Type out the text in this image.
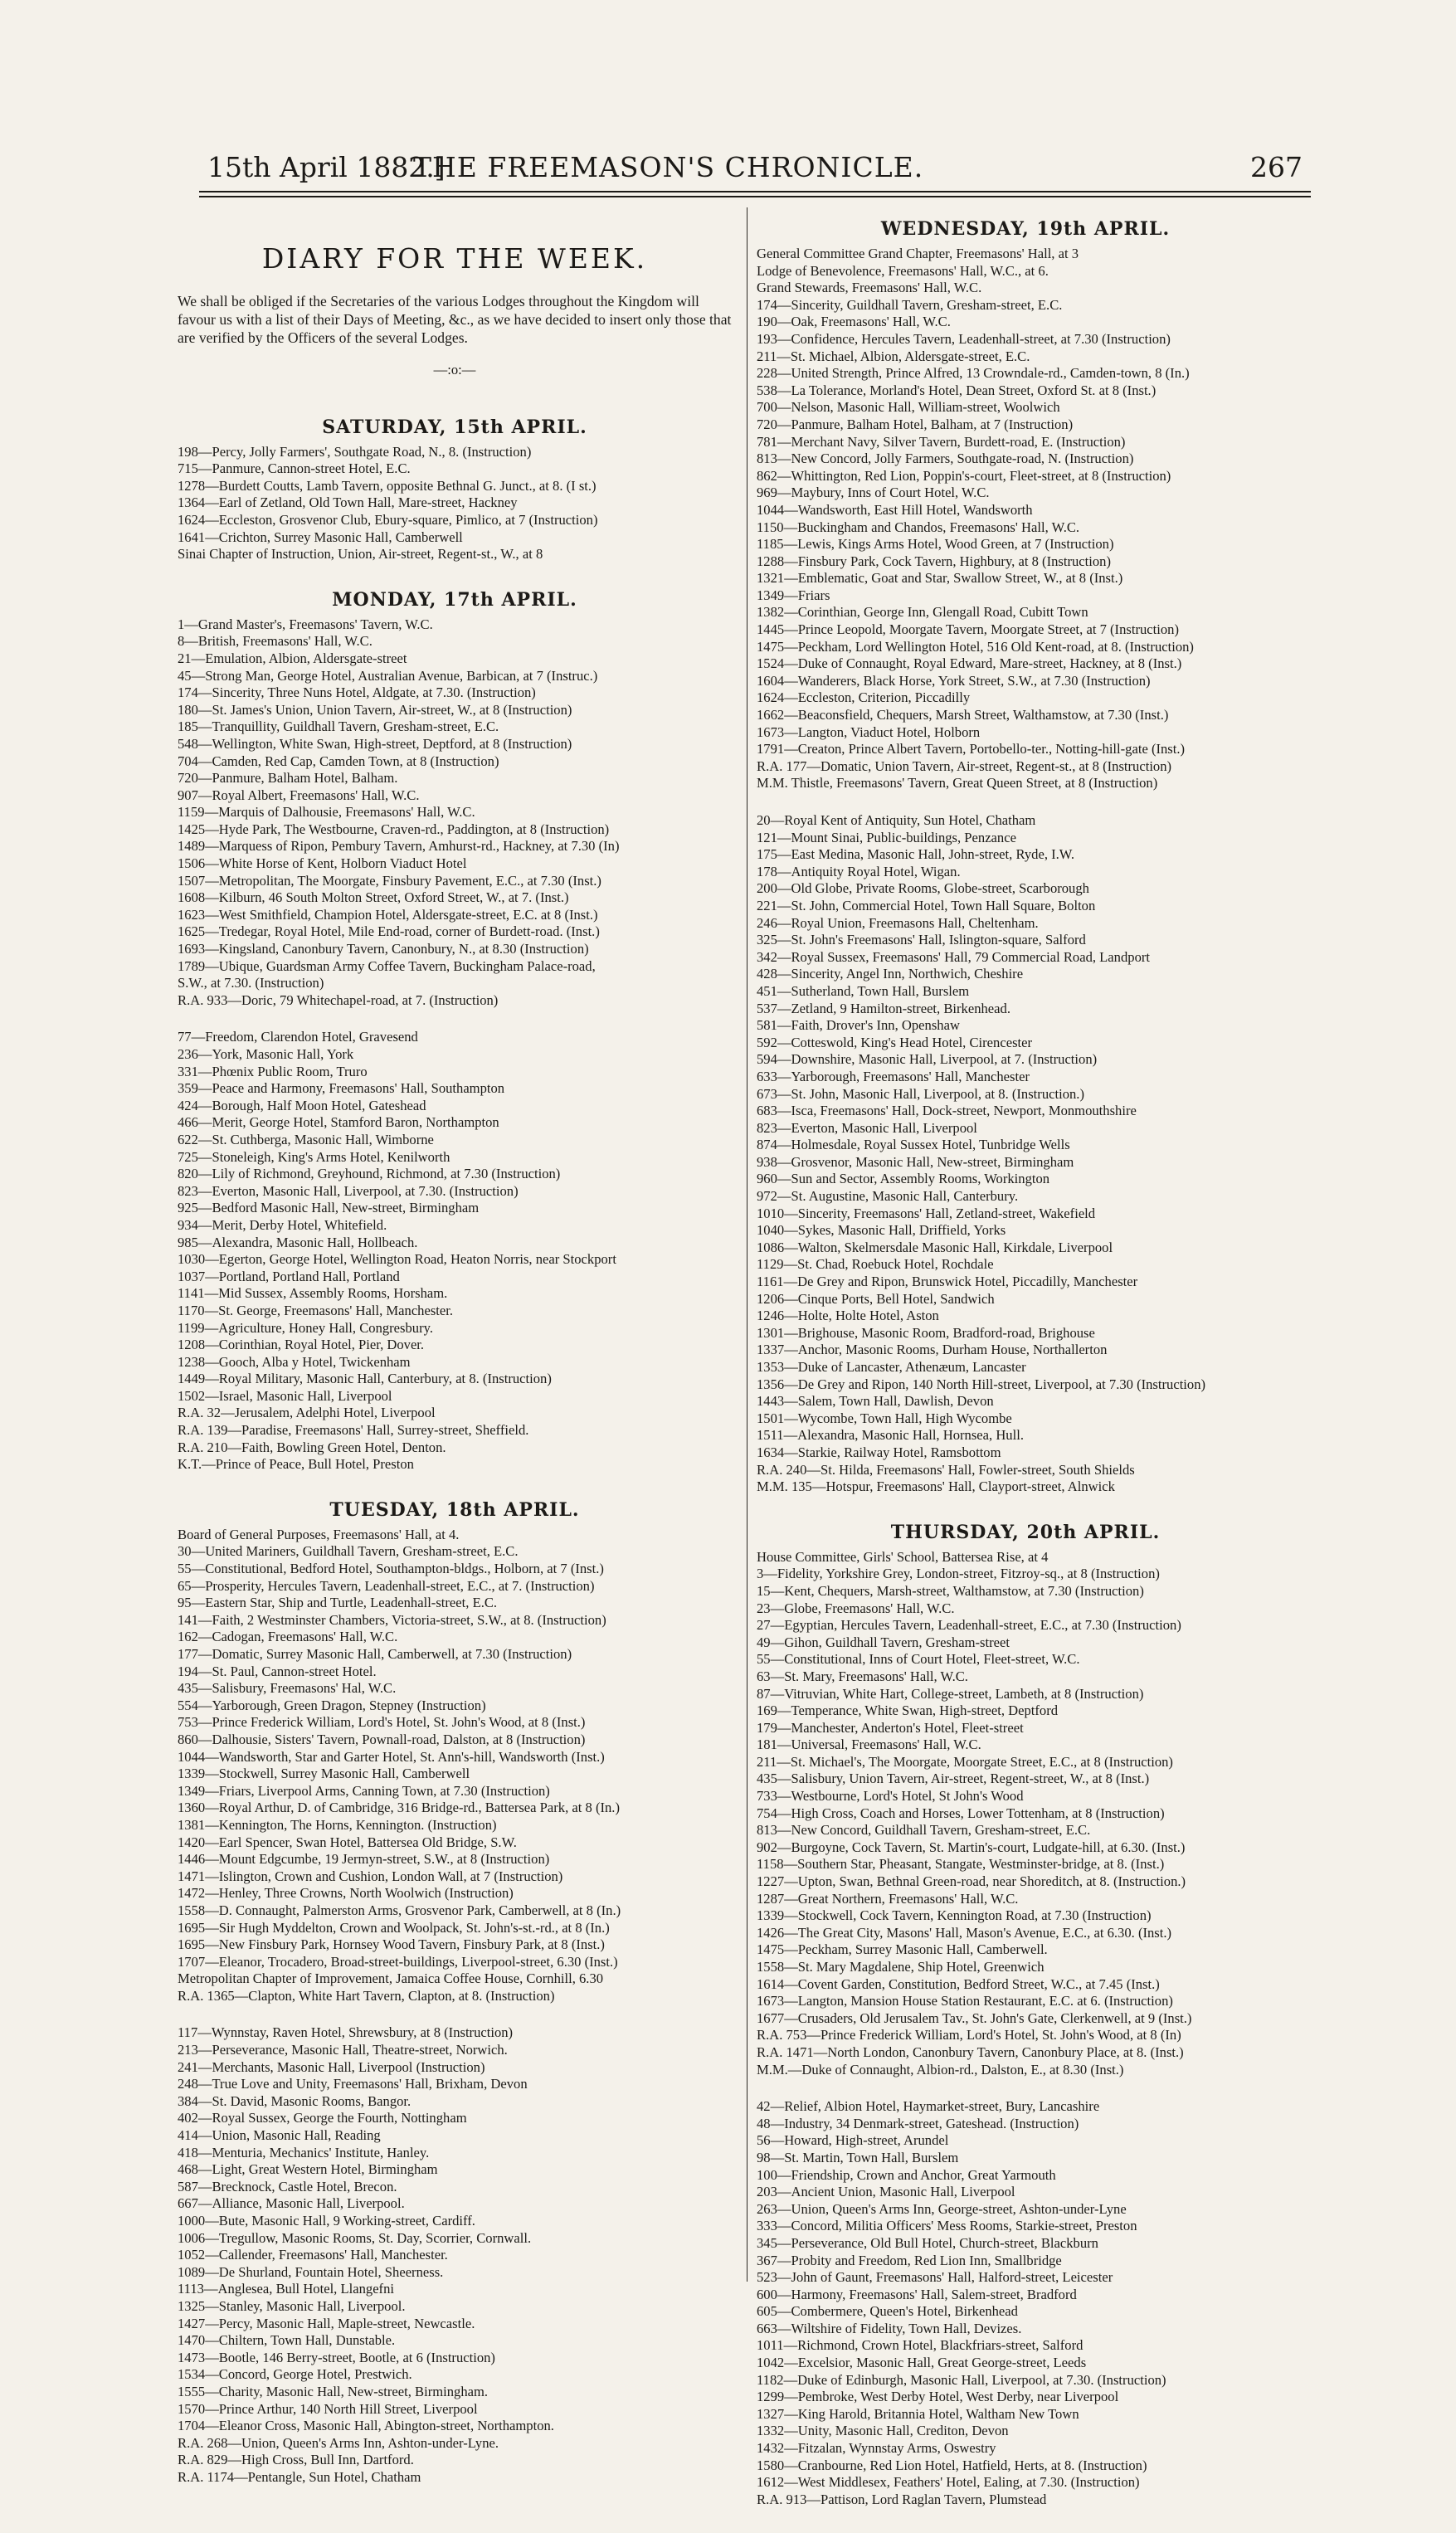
15th April 1882.]
THE FREEMASON'S CHRONICLE.	267
DIARY FOR THE WEEK.
We shall be obliged if the Secretaries of the various Lodges throughout the Kingdom will favour us with a list of their Days of Meeting, &c., as we have decided to insert only those that are verified by the Officers of the several Lodges.
—:o:—
SATURDAY, 15th APRIL.
198—Percy, Jolly Farmers', Southgate Road, N., 8. (Instruction)
715—Panmure, Cannon-street Hotel, E.C.
1278—Burdett Coutts, Lamb Tavern, opposite Bethnal G. Junct., at 8. (I st.)
1364—Earl of Zetland, Old Town Hall, Mare-street, Hackney
1624—Eccleston, Grosvenor Club, Ebury-square, Pimlico, at 7 (Instruction)
1641—Crichton, Surrey Masonic Hall, Camberwell
Sinai Chapter of Instruction, Union, Air-street, Regent-st., W., at 8
MONDAY, 17th APRIL.
1—Grand Master's, Freemasons' Tavern, W.C.
8—British, Freemasons' Hall, W.C.
21—Emulation, Albion, Aldersgate-street
45—Strong Man, George Hotel, Australian Avenue, Barbican, at 7 (Instruc.)
174—Sincerity, Three Nuns Hotel, Aldgate, at 7.30. (Instruction)
180—St. James's Union, Union Tavern, Air-street, W., at 8 (Instruction)
185—Tranquillity, Guildhall Tavern, Gresham-street, E.C.
548—Wellington, White Swan, High-street, Deptford, at 8 (Instruction)
704—Camden, Red Cap, Camden Town, at 8 (Instruction)
720—Panmure, Balham Hotel, Balham.
907—Royal Albert, Freemasons' Hall, W.C.
1159—Marquis of Dalhousie, Freemasons' Hall, W.C.
1425—Hyde Park, The Westbourne, Craven-rd., Paddington, at 8 (Instruction)
1489—Marquess of Ripon, Pembury Tavern, Amhurst-rd., Hackney, at 7.30 (In)
1506—White Horse of Kent, Holborn Viaduct Hotel
1507—Metropolitan, The Moorgate, Finsbury Pavement, E.C., at 7.30 (Inst.)
1608—Kilburn, 46 South Molton Street, Oxford Street, W., at 7. (Inst.)
1623—West Smithfield, Champion Hotel, Aldersgate-street, E.C. at 8 (Inst.)
1625—Tredegar, Royal Hotel, Mile End-road, corner of Burdett-road. (Inst.)
1693—Kingsland, Canonbury Tavern, Canonbury, N., at 8.30 (Instruction)
1789—Ubique, Guardsman Army Coffee Tavern, Buckingham Palace-road,
S.W., at 7.30. (Instruction)
R.A. 933—Doric, 79 Whitechapel-road, at 7. (Instruction)
77—Freedom, Clarendon Hotel, Gravesend
236—York, Masonic Hall, York
331—Phœnix Public Room, Truro
359—Peace and Harmony, Freemasons' Hall, Southampton
424—Borough, Half Moon Hotel, Gateshead
466—Merit, George Hotel, Stamford Baron, Northampton
622—St. Cuthberga, Masonic Hall, Wimborne
725—Stoneleigh, King's Arms Hotel, Kenilworth
820—Lily of Richmond, Greyhound, Richmond, at 7.30 (Instruction)
823—Everton, Masonic Hall, Liverpool, at 7.30. (Instruction)
925—Bedford Masonic Hall, New-street, Birmingham
934—Merit, Derby Hotel, Whitefield.
985—Alexandra, Masonic Hall, Hollbeach.
1030—Egerton, George Hotel, Wellington Road, Heaton Norris, near Stockport
1037—Portland, Portland Hall, Portland
1141—Mid Sussex, Assembly Rooms, Horsham.
1170—St. George, Freemasons' Hall, Manchester.
1199—Agriculture, Honey Hall, Congresbury.
1208—Corinthian, Royal Hotel, Pier, Dover.
1238—Gooch, Alba y Hotel, Twickenham
1449—Royal Military, Masonic Hall, Canterbury, at 8. (Instruction)
1502—Israel, Masonic Hall, Liverpool
R.A. 32—Jerusalem, Adelphi Hotel, Liverpool
R.A. 139—Paradise, Freemasons' Hall, Surrey-street, Sheffield.
R.A. 210—Faith, Bowling Green Hotel, Denton.
K.T.—Prince of Peace, Bull Hotel, Preston
TUESDAY, 18th APRIL.
Board of General Purposes, Freemasons' Hall, at 4.
30—United Mariners, Guildhall Tavern, Gresham-street, E.C.
55—Constitutional, Bedford Hotel, Southampton-bldgs., Holborn, at 7 (Inst.)
65—Prosperity, Hercules Tavern, Leadenhall-street, E.C., at 7. (Instruction)
95—Eastern Star, Ship and Turtle, Leadenhall-street, E.C.
141—Faith, 2 Westminster Chambers, Victoria-street, S.W., at 8. (Instruction)
162—Cadogan, Freemasons' Hall, W.C.
177—Domatic, Surrey Masonic Hall, Camberwell, at 7.30 (Instruction)
194—St. Paul, Cannon-street Hotel.
435—Salisbury, Freemasons' Hal, W.C.
554—Yarborough, Green Dragon, Stepney (Instruction)
753—Prince Frederick William, Lord's Hotel, St. John's Wood, at 8 (Inst.)
860—Dalhousie, Sisters' Tavern, Pownall-road, Dalston, at 8 (Instruction)
1044—Wandsworth, Star and Garter Hotel, St. Ann's-hill, Wandsworth (Inst.)
1339—Stockwell, Surrey Masonic Hall, Camberwell
1349—Friars, Liverpool Arms, Canning Town, at 7.30 (Instruction)
1360—Royal Arthur, D. of Cambridge, 316 Bridge-rd., Battersea Park, at 8 (In.)
1381—Kennington, The Horns, Kennington. (Instruction)
1420—Earl Spencer, Swan Hotel, Battersea Old Bridge, S.W.
1446—Mount Edgcumbe, 19 Jermyn-street, S.W., at 8 (Instruction)
1471—Islington, Crown and Cushion, London Wall, at 7 (Instruction)
1472—Henley, Three Crowns, North Woolwich (Instruction)
1558—D. Connaught, Palmerston Arms, Grosvenor Park, Camberwell, at 8 (In.)
1695—Sir Hugh Myddelton, Crown and Woolpack, St. John's-st.-rd., at 8 (In.)
1695—New Finsbury Park, Hornsey Wood Tavern, Finsbury Park, at 8 (Inst.)
1707—Eleanor, Trocadero, Broad-street-buildings, Liverpool-street, 6.30 (Inst.)
Metropolitan Chapter of Improvement, Jamaica Coffee House, Cornhill, 6.30
R.A. 1365—Clapton, White Hart Tavern, Clapton, at 8. (Instruction)
117—Wynnstay, Raven Hotel, Shrewsbury, at 8 (Instruction)
213—Perseverance, Masonic Hall, Theatre-street, Norwich.
241—Merchants, Masonic Hall, Liverpool (Instruction)
248—True Love and Unity, Freemasons' Hall, Brixham, Devon
384—St. David, Masonic Rooms, Bangor.
402—Royal Sussex, George the Fourth, Nottingham
414—Union, Masonic Hall, Reading
418—Menturia, Mechanics' Institute, Hanley.
468—Light, Great Western Hotel, Birmingham
587—Brecknock, Castle Hotel, Brecon.
667—Alliance, Masonic Hall, Liverpool.
1000—Bute, Masonic Hall, 9 Working-street, Cardiff.
1006—Tregullow, Masonic Rooms, St. Day, Scorrier, Cornwall.
1052—Callender, Freemasons' Hall, Manchester.
1089—De Shurland, Fountain Hotel, Sheerness.
1113—Anglesea, Bull Hotel, Llangefni
1325—Stanley, Masonic Hall, Liverpool.
1427—Percy, Masonic Hall, Maple-street, Newcastle.
1470—Chiltern, Town Hall, Dunstable.
1473—Bootle, 146 Berry-street, Bootle, at 6 (Instruction)
1534—Concord, George Hotel, Prestwich.
1555—Charity, Masonic Hall, New-street, Birmingham.
1570—Prince Arthur, 140 North Hill Street, Liverpool
1704—Eleanor Cross, Masonic Hall, Abington-street, Northampton.
R.A. 268—Union, Queen's Arms Inn, Ashton-under-Lyne.
R.A. 829—High Cross, Bull Inn, Dartford.
R.A. 1174—Pentangle, Sun Hotel, Chatham
WEDNESDAY, 19th APRIL.
General Committee Grand Chapter, Freemasons' Hall, at 3
Lodge of Benevolence, Freemasons' Hall, W.C., at 6.
Grand Stewards, Freemasons' Hall, W.C.
174—Sincerity, Guildhall Tavern, Gresham-street, E.C.
190—Oak, Freemasons' Hall, W.C.
193—Confidence, Hercules Tavern, Leadenhall-street, at 7.30 (Instruction)
211—St. Michael, Albion, Aldersgate-street, E.C.
228—United Strength, Prince Alfred, 13 Crowndale-rd., Camden-town, 8 (In.)
538—La Tolerance, Morland's Hotel, Dean Street, Oxford St. at 8 (Inst.)
700—Nelson, Masonic Hall, William-street, Woolwich
720—Panmure, Balham Hotel, Balham, at 7 (Instruction)
781—Merchant Navy, Silver Tavern, Burdett-road, E. (Instruction)
813—New Concord, Jolly Farmers, Southgate-road, N. (Instruction)
862—Whittington, Red Lion, Poppin's-court, Fleet-street, at 8 (Instruction)
969—Maybury, Inns of Court Hotel, W.C.
1044—Wandsworth, East Hill Hotel, Wandsworth
1150—Buckingham and Chandos, Freemasons' Hall, W.C.
1185—Lewis, Kings Arms Hotel, Wood Green, at 7 (Instruction)
1288—Finsbury Park, Cock Tavern, Highbury, at 8 (Instruction)
1321—Emblematic, Goat and Star, Swallow Street, W., at 8 (Inst.)
1349—Friars
1382—Corinthian, George Inn, Glengall Road, Cubitt Town
1445—Prince Leopold, Moorgate Tavern, Moorgate Street, at 7 (Instruction)
1475—Peckham, Lord Wellington Hotel, 516 Old Kent-road, at 8. (Instruction)
1524—Duke of Connaught, Royal Edward, Mare-street, Hackney, at 8 (Inst.)
1604—Wanderers, Black Horse, York Street, S.W., at 7.30 (Instruction)
1624—Eccleston, Criterion, Piccadilly
1662—Beaconsfield, Chequers, Marsh Street, Walthamstow, at 7.30 (Inst.)
1673—Langton, Viaduct Hotel, Holborn
1791—Creaton, Prince Albert Tavern, Portobello-ter., Notting-hill-gate (Inst.)
R.A. 177—Domatic, Union Tavern, Air-street, Regent-st., at 8 (Instruction)
M.M. Thistle, Freemasons' Tavern, Great Queen Street, at 8 (Instruction)
20—Royal Kent of Antiquity, Sun Hotel, Chatham
121—Mount Sinai, Public-buildings, Penzance
175—East Medina, Masonic Hall, John-street, Ryde, I.W.
178—Antiquity Royal Hotel, Wigan.
200—Old Globe, Private Rooms, Globe-street, Scarborough
221—St. John, Commercial Hotel, Town Hall Square, Bolton
246—Royal Union, Freemasons Hall, Cheltenham.
325—St. John's Freemasons' Hall, Islington-square, Salford
342—Royal Sussex, Freemasons' Hall, 79 Commercial Road, Landport
428—Sincerity, Angel Inn, Northwich, Cheshire
451—Sutherland, Town Hall, Burslem
537—Zetland, 9 Hamilton-street, Birkenhead.
581—Faith, Drover's Inn, Openshaw
592—Cotteswold, King's Head Hotel, Cirencester
594—Downshire, Masonic Hall, Liverpool, at 7. (Instruction)
633—Yarborough, Freemasons' Hall, Manchester
673—St. John, Masonic Hall, Liverpool, at 8. (Instruction.)
683—Isca, Freemasons' Hall, Dock-street, Newport, Monmouthshire
823—Everton, Masonic Hall, Liverpool
874—Holmesdale, Royal Sussex Hotel, Tunbridge Wells
938—Grosvenor, Masonic Hall, New-street, Birmingham
960—Sun and Sector, Assembly Rooms, Workington
972—St. Augustine, Masonic Hall, Canterbury.
1010—Sincerity, Freemasons' Hall, Zetland-street, Wakefield
1040—Sykes, Masonic Hall, Driffield, Yorks
1086—Walton, Skelmersdale Masonic Hall, Kirkdale, Liverpool
1129—St. Chad, Roebuck Hotel, Rochdale
1161—De Grey and Ripon, Brunswick Hotel, Piccadilly, Manchester
1206—Cinque Ports, Bell Hotel, Sandwich
1246—Holte, Holte Hotel, Aston
1301—Brighouse, Masonic Room, Bradford-road, Brighouse
1337—Anchor, Masonic Rooms, Durham House, Northallerton
1353—Duke of Lancaster, Athenæum, Lancaster
1356—De Grey and Ripon, 140 North Hill-street, Liverpool, at 7.30 (Instruction)
1443—Salem, Town Hall, Dawlish, Devon
1501—Wycombe, Town Hall, High Wycombe
1511—Alexandra, Masonic Hall, Hornsea, Hull.
1634—Starkie, Railway Hotel, Ramsbottom
R.A. 240—St. Hilda, Freemasons' Hall, Fowler-street, South Shields
M.M. 135—Hotspur, Freemasons' Hall, Clayport-street, Alnwick
THURSDAY, 20th APRIL.
House Committee, Girls' School, Battersea Rise, at 4
3—Fidelity, Yorkshire Grey, London-street, Fitzroy-sq., at 8 (Instruction)
15—Kent, Chequers, Marsh-street, Walthamstow, at 7.30 (Instruction)
23—Globe, Freemasons' Hall, W.C.
27—Egyptian, Hercules Tavern, Leadenhall-street, E.C., at 7.30 (Instruction)
49—Gihon, Guildhall Tavern, Gresham-street
55—Constitutional, Inns of Court Hotel, Fleet-street, W.C.
63—St. Mary, Freemasons' Hall, W.C.
87—Vitruvian, White Hart, College-street, Lambeth, at 8 (Instruction)
169—Temperance, White Swan, High-street, Deptford
179—Manchester, Anderton's Hotel, Fleet-street
181—Universal, Freemasons' Hall, W.C.
211—St. Michael's, The Moorgate, Moorgate Street, E.C., at 8 (Instruction)
435—Salisbury, Union Tavern, Air-street, Regent-street, W., at 8 (Inst.)
733—Westbourne, Lord's Hotel, St John's Wood
754—High Cross, Coach and Horses, Lower Tottenham, at 8 (Instruction)
813—New Concord, Guildhall Tavern, Gresham-street, E.C.
902—Burgoyne, Cock Tavern, St. Martin's-court, Ludgate-hill, at 6.30. (Inst.)
1158—Southern Star, Pheasant, Stangate, Westminster-bridge, at 8. (Inst.)
1227—Upton, Swan, Bethnal Green-road, near Shoreditch, at 8. (Instruction.)
1287—Great Northern, Freemasons' Hall, W.C.
1339—Stockwell, Cock Tavern, Kennington Road, at 7.30 (Instruction)
1426—The Great City, Masons' Hall, Mason's Avenue, E.C., at 6.30. (Inst.)
1475—Peckham, Surrey Masonic Hall, Camberwell.
1558—St. Mary Magdalene, Ship Hotel, Greenwich
1614—Covent Garden, Constitution, Bedford Street, W.C., at 7.45 (Inst.)
1673—Langton, Mansion House Station Restaurant, E.C. at 6. (Instruction)
1677—Crusaders, Old Jerusalem Tav., St. John's Gate, Clerkenwell, at 9 (Inst.)
R.A. 753—Prince Frederick William, Lord's Hotel, St. John's Wood, at 8 (In)
R.A. 1471—North London, Canonbury Tavern, Canonbury Place, at 8. (Inst.)
M.M.—Duke of Connaught, Albion-rd., Dalston, E., at 8.30 (Inst.)
42—Relief, Albion Hotel, Haymarket-street, Bury, Lancashire
48—Industry, 34 Denmark-street, Gateshead. (Instruction)
56—Howard, High-street, Arundel
98—St. Martin, Town Hall, Burslem
100—Friendship, Crown and Anchor, Great Yarmouth
203—Ancient Union, Masonic Hall, Liverpool
263—Union, Queen's Arms Inn, George-street, Ashton-under-Lyne
333—Concord, Militia Officers' Mess Rooms, Starkie-street, Preston
345—Perseverance, Old Bull Hotel, Church-street, Blackburn
367—Probity and Freedom, Red Lion Inn, Smallbridge
523—John of Gaunt, Freemasons' Hall, Halford-street, Leicester
600—Harmony, Freemasons' Hall, Salem-street, Bradford
605—Combermere, Queen's Hotel, Birkenhead
663—Wiltshire of Fidelity, Town Hall, Devizes.
1011—Richmond, Crown Hotel, Blackfriars-street, Salford
1042—Excelsior, Masonic Hall, Great George-street, Leeds
1182—Duke of Edinburgh, Masonic Hall, Liverpool, at 7.30. (Instruction)
1299—Pembroke, West Derby Hotel, West Derby, near Liverpool
1327—King Harold, Britannia Hotel, Waltham New Town
1332—Unity, Masonic Hall, Crediton, Devon
1432—Fitzalan, Wynnstay Arms, Oswestry
1580—Cranbourne, Red Lion Hotel, Hatfield, Herts, at 8. (Instruction)
1612—West Middlesex, Feathers' Hotel, Ealing, at 7.30. (Instruction)
R.A. 913—Pattison, Lord Raglan Tavern, Plumstead
